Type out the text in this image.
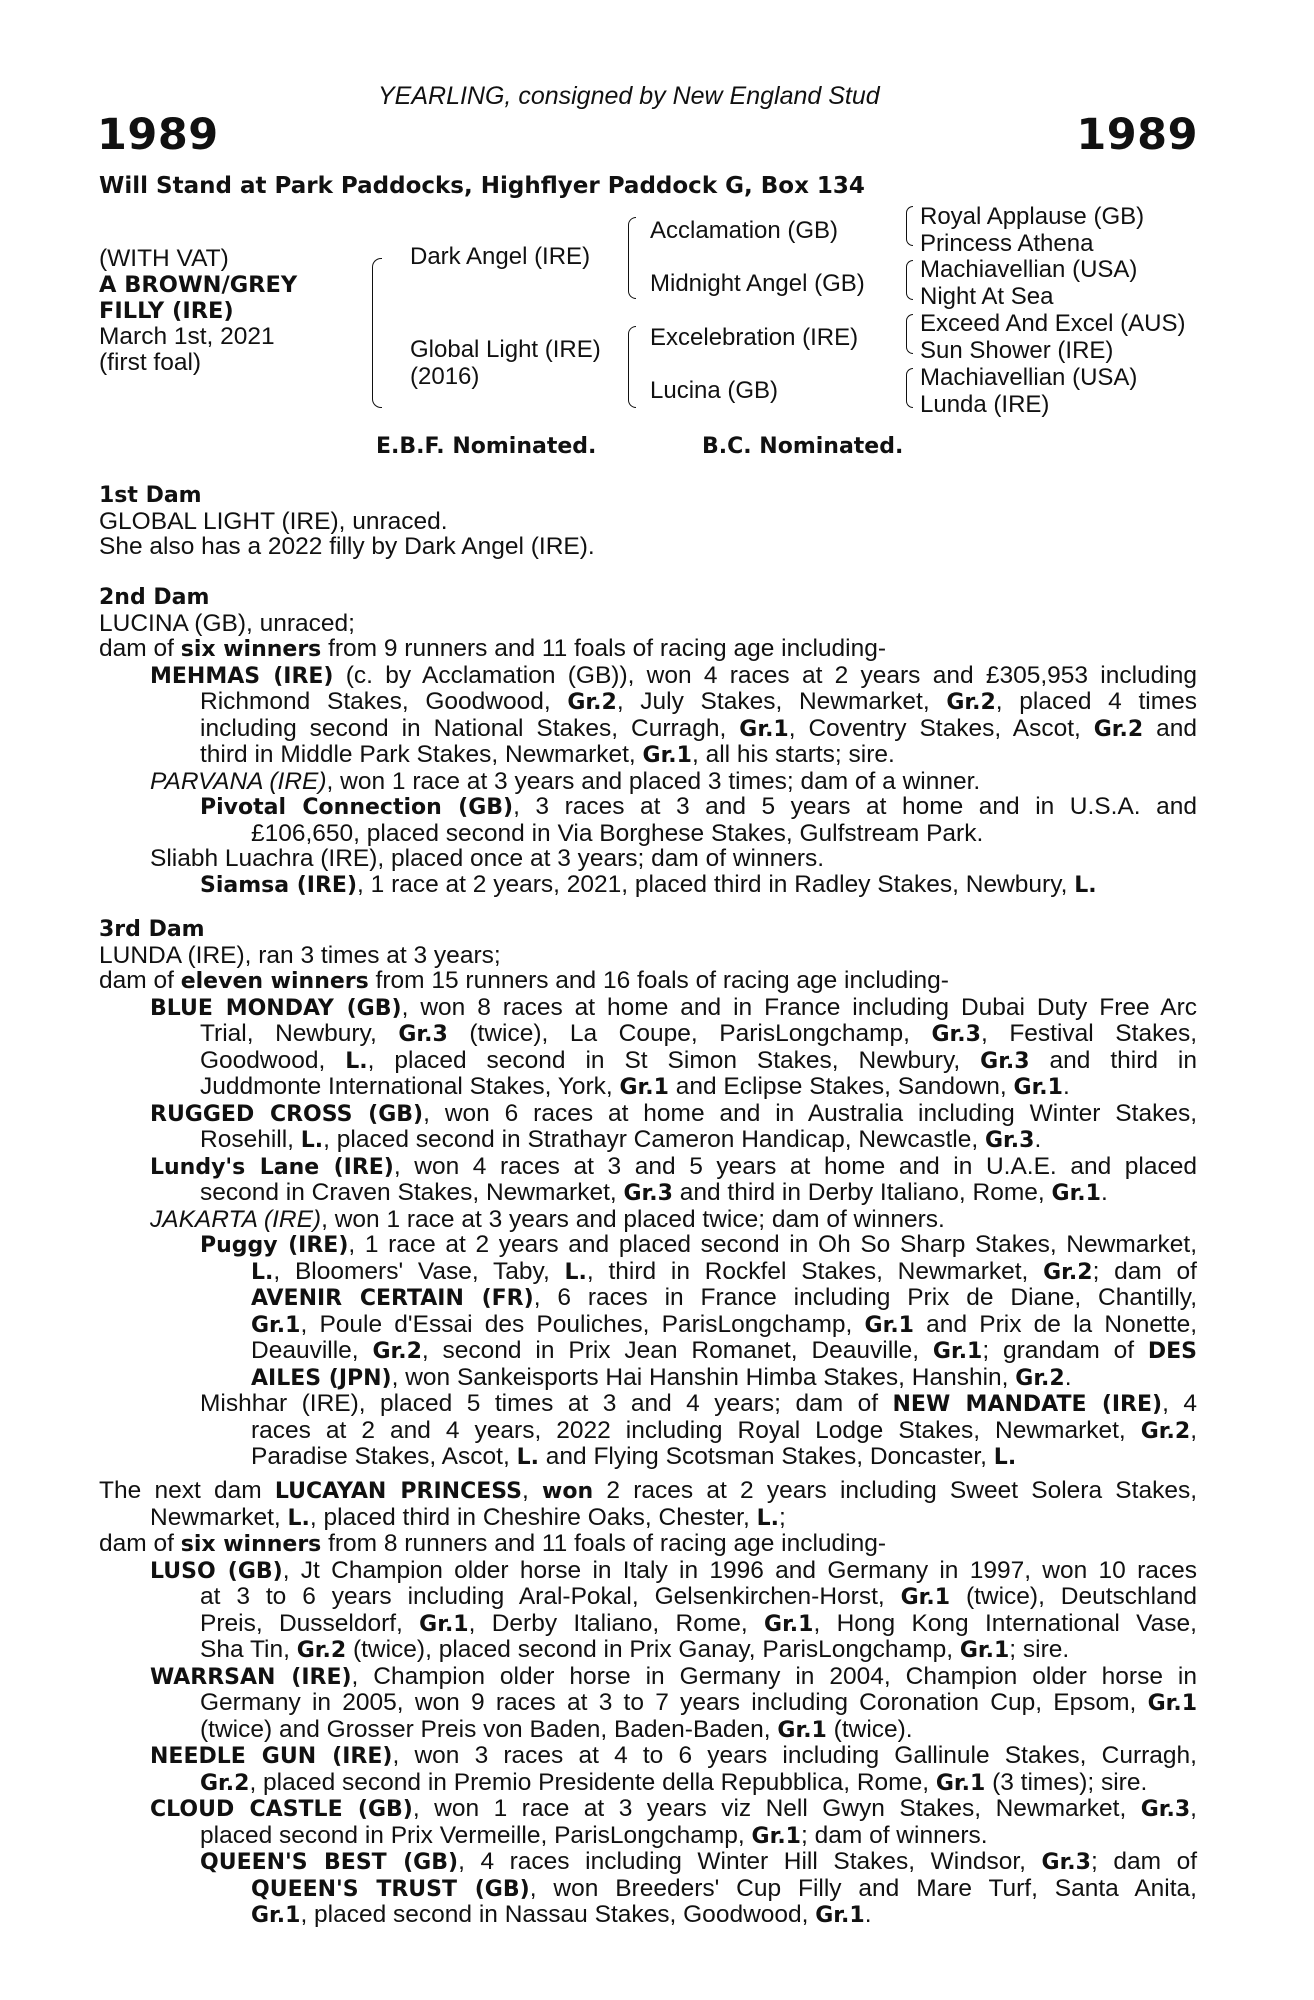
YEARLING, consigned by New England Stud
1989	1989
Will Stand at Park Paddocks, Highflyer Paddock G, Box 134
(WITH VAT)
A BROWN/GREY
FILLY (IRE)
March 1st, 2021
(first foal)
Dark Angel (IRE)
Global Light (IRE)
(2016)
Acclamation (GB)
Midnight Angel (GB)
Excelebration (IRE)
Lucina (GB)
Royal Applause (GB)
Princess Athena
Machiavellian (USA)
Night At Sea
Exceed And Excel (AUS)
Sun Shower (IRE)
Machiavellian (USA)
Lunda (IRE)
E.B.F. Nominated.	B.C. Nominated.
1st Dam
GLOBAL LIGHT (IRE), unraced.
She also has a 2022 filly by Dark Angel (IRE).
2nd Dam
LUCINA (GB), unraced;
dam of six winners from 9 runners and 11 foals of racing age including-
MEHMAS (IRE) (c. by Acclamation (GB)), won 4 races at 2 years and £305,953 including
Richmond Stakes, Goodwood, Gr.2, July Stakes, Newmarket, Gr.2, placed 4 times
including second in National Stakes, Curragh, Gr.1, Coventry Stakes, Ascot, Gr.2 and
third in Middle Park Stakes, Newmarket, Gr.1, all his starts; sire.
PARVANA (IRE), won 1 race at 3 years and placed 3 times; dam of a winner.
Pivotal Connection (GB), 3 races at 3 and 5 years at home and in U.S.A. and
£106,650, placed second in Via Borghese Stakes, Gulfstream Park.
Sliabh Luachra (IRE), placed once at 3 years; dam of winners.
Siamsa (IRE), 1 race at 2 years, 2021, placed third in Radley Stakes, Newbury, L.
3rd Dam
LUNDA (IRE), ran 3 times at 3 years;
dam of eleven winners from 15 runners and 16 foals of racing age including-
BLUE MONDAY (GB), won 8 races at home and in France including Dubai Duty Free Arc
Trial, Newbury, Gr.3 (twice), La Coupe, ParisLongchamp, Gr.3, Festival Stakes,
Goodwood, L., placed second in St Simon Stakes, Newbury, Gr.3 and third in
Juddmonte International Stakes, York, Gr.1 and Eclipse Stakes, Sandown, Gr.1.
RUGGED CROSS (GB), won 6 races at home and in Australia including Winter Stakes,
Rosehill, L., placed second in Strathayr Cameron Handicap, Newcastle, Gr.3.
Lundy's Lane (IRE), won 4 races at 3 and 5 years at home and in U.A.E. and placed
second in Craven Stakes, Newmarket, Gr.3 and third in Derby Italiano, Rome, Gr.1.
JAKARTA (IRE), won 1 race at 3 years and placed twice; dam of winners.
Puggy (IRE), 1 race at 2 years and placed second in Oh So Sharp Stakes, Newmarket,
L., Bloomers' Vase, Taby, L., third in Rockfel Stakes, Newmarket, Gr.2; dam of
AVENIR CERTAIN (FR), 6 races in France including Prix de Diane, Chantilly,
Gr.1, Poule d'Essai des Pouliches, ParisLongchamp, Gr.1 and Prix de la Nonette,
Deauville, Gr.2, second in Prix Jean Romanet, Deauville, Gr.1; grandam of DES
AILES (JPN), won Sankeisports Hai Hanshin Himba Stakes, Hanshin, Gr.2.
Mishhar (IRE), placed 5 times at 3 and 4 years; dam of NEW MANDATE (IRE), 4
races at 2 and 4 years, 2022 including Royal Lodge Stakes, Newmarket, Gr.2,
Paradise Stakes, Ascot, L. and Flying Scotsman Stakes, Doncaster, L.
The next dam LUCAYAN PRINCESS, won 2 races at 2 years including Sweet Solera Stakes,
Newmarket, L., placed third in Cheshire Oaks, Chester, L.;
dam of six winners from 8 runners and 11 foals of racing age including-
LUSO (GB), Jt Champion older horse in Italy in 1996 and Germany in 1997, won 10 races
at 3 to 6 years including Aral-Pokal, Gelsenkirchen-Horst, Gr.1 (twice), Deutschland
Preis, Dusseldorf, Gr.1, Derby Italiano, Rome, Gr.1, Hong Kong International Vase,
Sha Tin, Gr.2 (twice), placed second in Prix Ganay, ParisLongchamp, Gr.1; sire.
WARRSAN (IRE), Champion older horse in Germany in 2004, Champion older horse in
Germany in 2005, won 9 races at 3 to 7 years including Coronation Cup, Epsom, Gr.1
(twice) and Grosser Preis von Baden, Baden-Baden, Gr.1 (twice).
NEEDLE GUN (IRE), won 3 races at 4 to 6 years including Gallinule Stakes, Curragh,
Gr.2, placed second in Premio Presidente della Repubblica, Rome, Gr.1 (3 times); sire.
CLOUD CASTLE (GB), won 1 race at 3 years viz Nell Gwyn Stakes, Newmarket, Gr.3,
placed second in Prix Vermeille, ParisLongchamp, Gr.1; dam of winners.
QUEEN'S BEST (GB), 4 races including Winter Hill Stakes, Windsor, Gr.3; dam of
QUEEN'S TRUST (GB), won Breeders' Cup Filly and Mare Turf, Santa Anita,
Gr.1, placed second in Nassau Stakes, Goodwood, Gr.1.
